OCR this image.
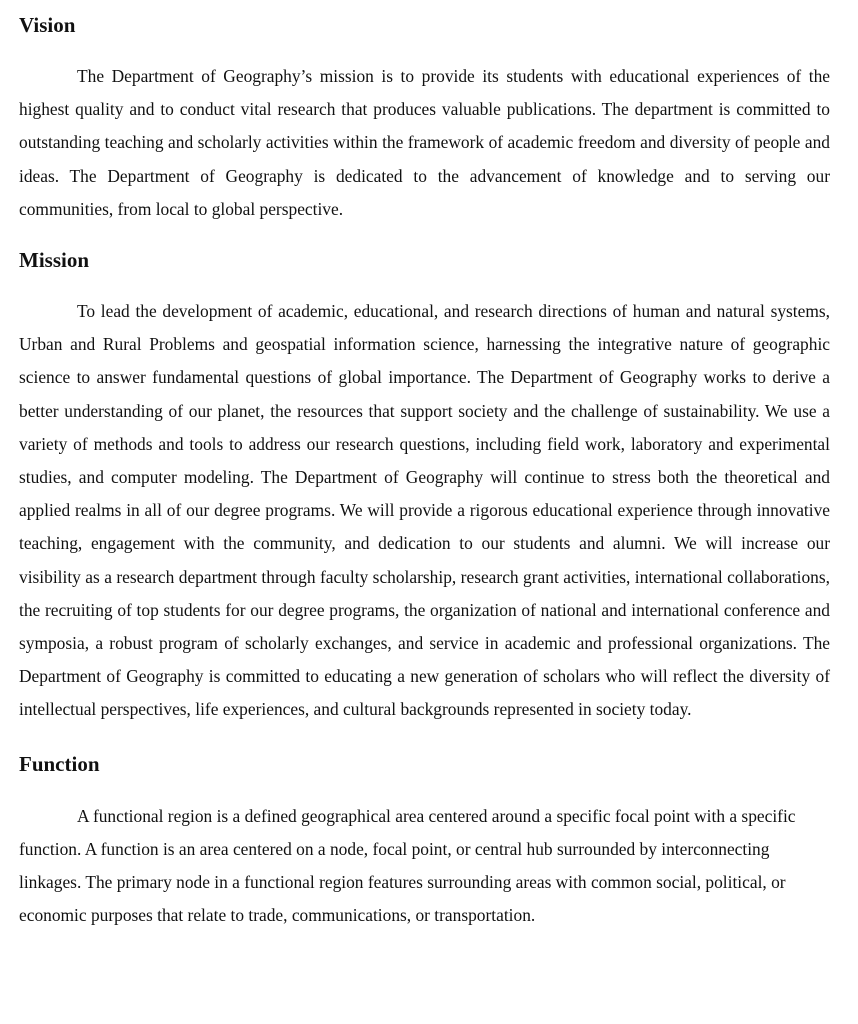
Vision

The Department of Geography’s mission is to provide its students with educational experiences of the highest quality and to conduct vital research that produces valuable publications. The department is committed to outstanding teaching and scholarly activities within the framework of academic freedom and diversity of people and ideas. The Department of Geography is dedicated to the advancement of knowledge and to serving our communities, from local to global perspective.

Mission

To lead the development of academic, educational, and research directions of human and natural systems, Urban and Rural Problems and geospatial information science, harnessing the integrative nature of geographic science to answer fundamental questions of global importance. The Department of Geography works to derive a better understanding of our planet, the resources that support society and the challenge of sustainability. We use a variety of methods and tools to address our research questions, including field work, laboratory and experimental studies, and computer modeling. The Department of Geography will continue to stress both the theoretical and applied realms in all of our degree programs. We will provide a rigorous educational experience through innovative teaching, engagement with the community, and dedication to our students and alumni. We will increase our visibility as a research department through faculty scholarship, research grant activities, international collaborations, the recruiting of top students for our degree programs, the organization of national and international conference and symposia, a robust program of scholarly exchanges, and service in academic and professional organizations. The Department of Geography is committed to educating a new generation of scholars who will reflect the diversity of intellectual perspectives, life experiences, and cultural backgrounds represented in society today.

Function

A functional region is a defined geographical area centered around a specific focal point with a specific function. A function is an area centered on a node, focal point, or central hub surrounded by interconnecting linkages. The primary node in a functional region features surrounding areas with common social, political, or economic purposes that relate to trade, communications, or transportation.
